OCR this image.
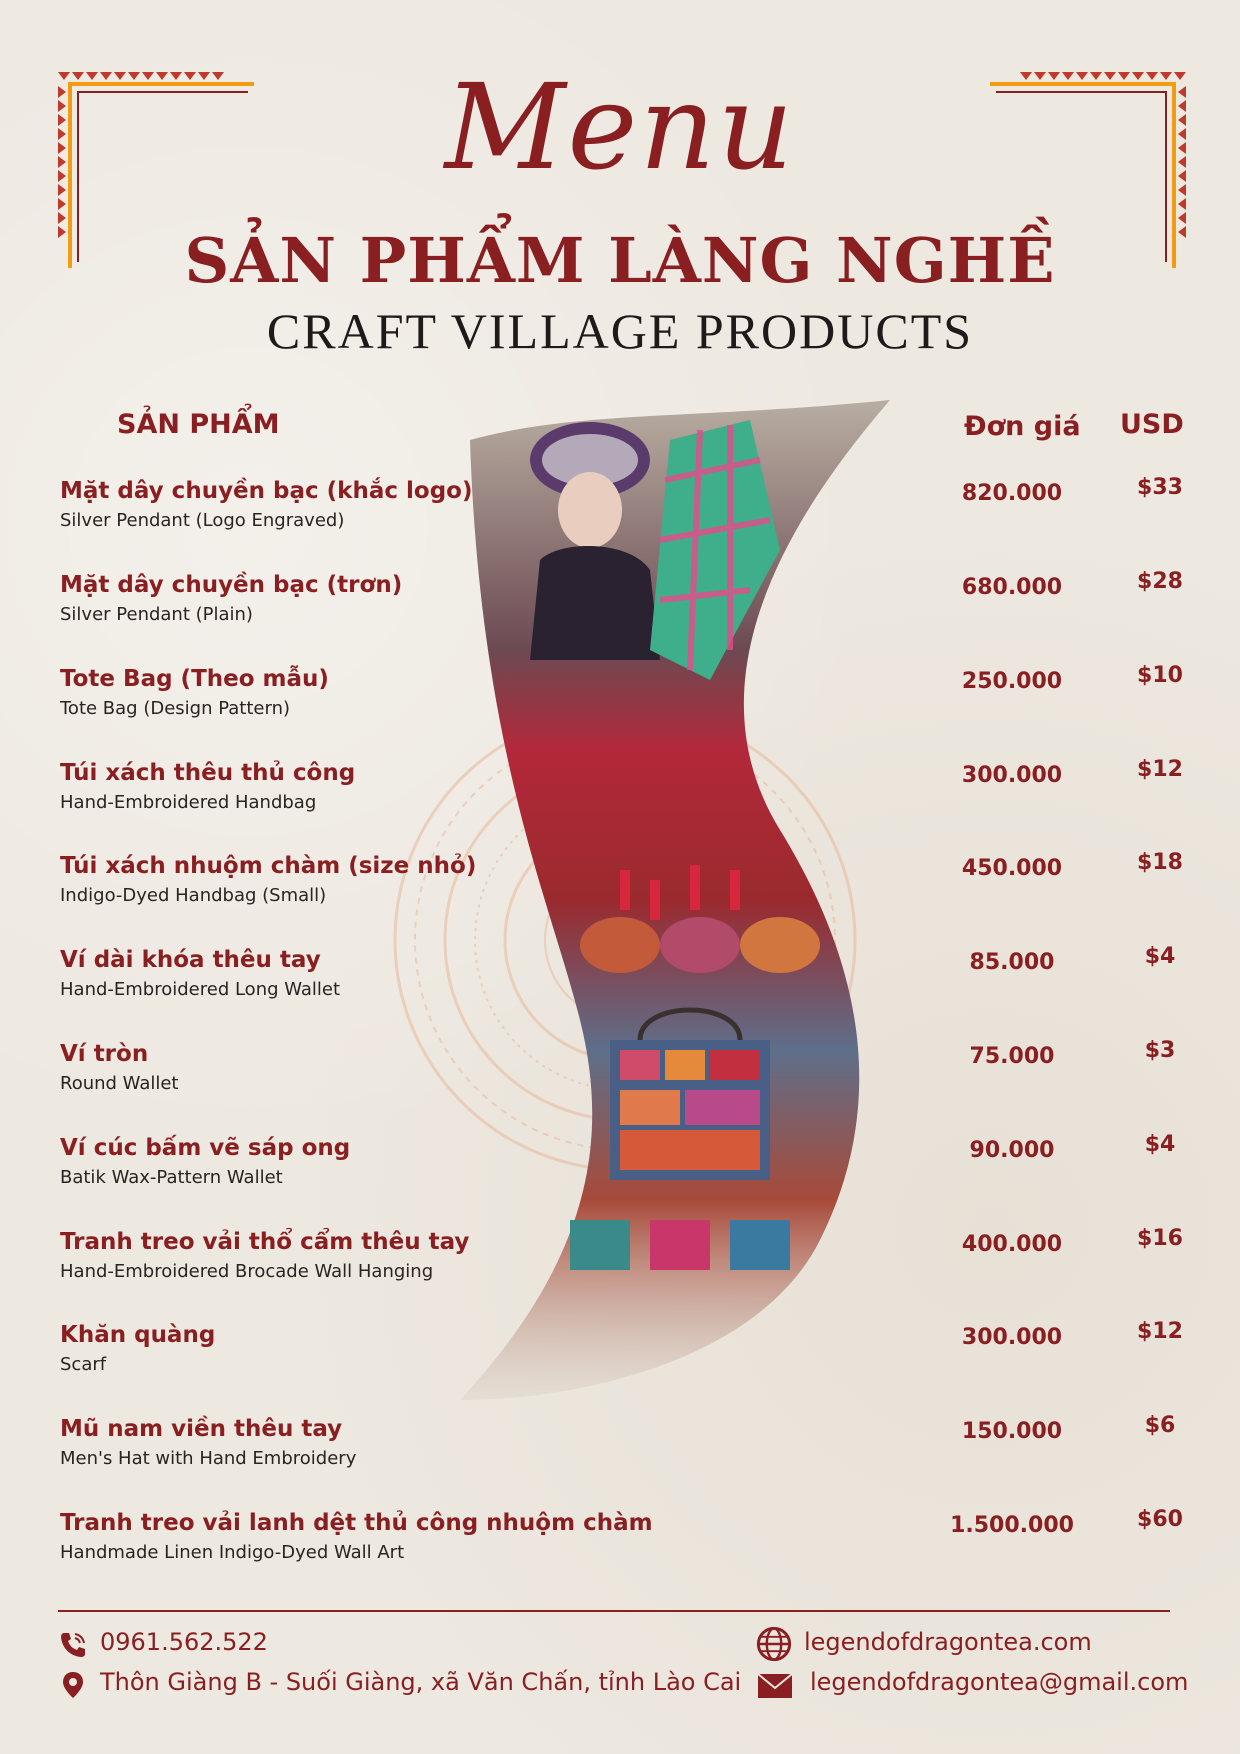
Menu
SẢN PHẨM LÀNG NGHỀ
CRAFT VILLAGE PRODUCTS
SẢN PHẨM	Đơn giá USD
Mặt dây chuyền bạc (khắc logo)
Silver Pendant (Logo Engraved)
820.000	$33
Mặt dây chuyền bạc (trơn)
Silver Pendant (Plain)
680.000	$28
Tote Bag (Theo mẫu)
Tote Bag (Design Pattern)
250.000	$10
Túi xách thêu thủ công
Hand-Embroidered Handbag
300.000	$12
Túi xách nhuộm chàm (size nhỏ)
Indigo-Dyed Handbag (Small)
450.000	$18
Ví dài khóa thêu tay
Hand-Embroidered Long Wallet
85.000	$4
Ví tròn
Round Wallet
75.000	$3
Ví cúc bấm vẽ sáp ong
Batik Wax-Pattern Wallet
90.000	$4
Tranh treo vải thổ cẩm thêu tay
Hand-Embroidered Brocade Wall Hanging
400.000	$16
Khăn quàng
Scarf
300.000	$12
Mũ nam viền thêu tay
Men's Hat with Hand Embroidery
150.000	$6
Tranh treo vải lanh dệt thủ công nhuộm chàm
Handmade Linen Indigo-Dyed Wall Art
1.500.000	$60
0961.562.522
Thôn Giàng B - Suối Giàng, xã Văn Chấn, tỉnh Lào Cai
legendofdragontea.com
legendofdragontea@gmail.com
